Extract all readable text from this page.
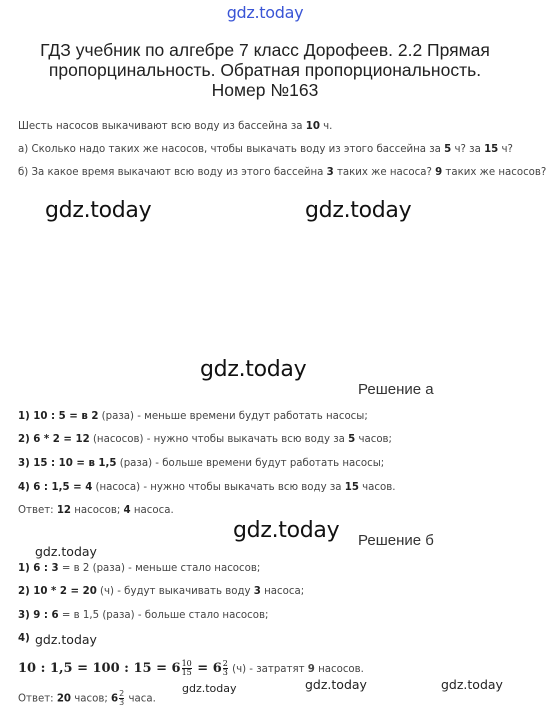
gdz.today
ГДЗ учебник по алгебре 7 класс Дорофеев. 2.2 Прямая пропорцинальность. Обратная пропорциональность. Номер №163
Шесть насосов выкачивают всю воду из бассейна за 10 ч.
а) Сколько надо таких же насосов, чтобы выкачать воду из этого бассейна за 5 ч? за 15 ч?
б) За какое время выкачают всю воду из этого бассейна 3 таких же насоса? 9 таких же насосов?
gdz.today	gdz.today
gdz.today
Решение а
1) 10 : 5 = в 2 (раза) - меньше времени будут работать насосы;
2) 6 * 2 = 12 (насосов) - нужно чтобы выкачать всю воду за 5 часов;
3) 15 : 10 = в 1,5 (раза) - больше времени будут работать насосы;
4) 6 : 1,5 = 4 (насоса) - нужно чтобы выкачать всю воду за 15 часов.
Ответ: 12 насосов; 4 насоса.
gdz.today Решение б
gdz.today
1) 6 : 3 = в 2 (раза) - меньше стало насосов;
2) 10 * 2 = 20 (ч) - будут выкачивать воду 3 насоса;
3) 9 : 6 = в 1,5 (раза) - больше стало насосов;
4) gdz.today
10 : 1,5 = 100 : $15 = 6 \frac{10}{15} = 6 \frac{2}{3} (ч)$ - затратят 9 насосов.
gdz.today	gdz.today	gdz.today
Ответ: 20 часов; $6 \frac{2}{3}$ часа.
